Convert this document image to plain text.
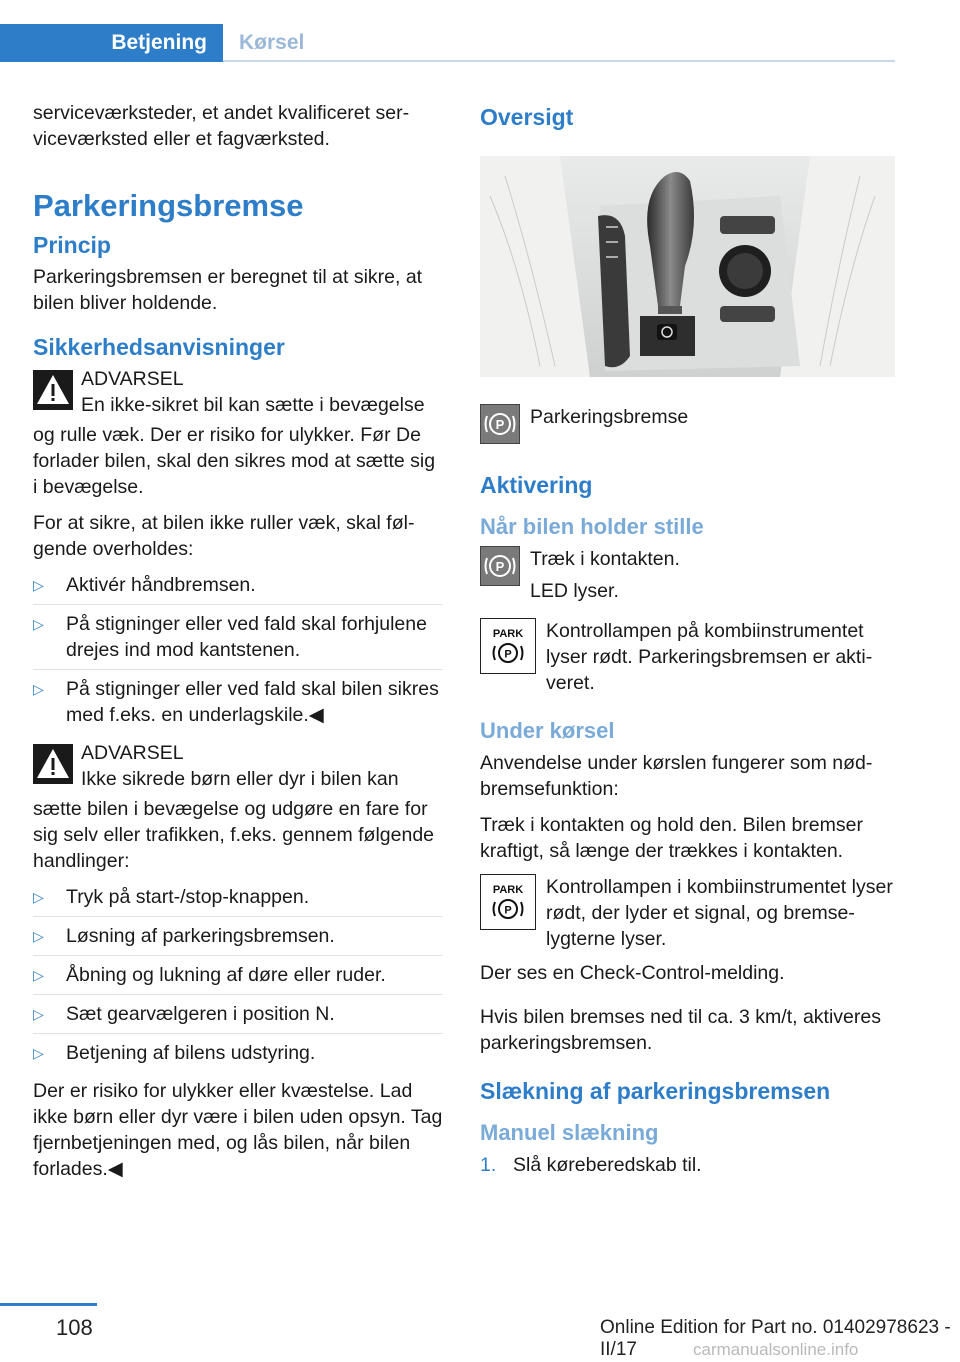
Betjening	Kørsel

serviceværksteder, et andet kvalificeret serviceværksted eller et fagværksted.

Parkeringsbremse
Princip

Parkeringsbremsen er beregnet til at sikre, at bilen bliver holdende.

Sikkerhedsanvisninger
ADVARSEL
En ikke-sikret bil kan sætte i bevægelse

og rulle væk. Der er risiko for ulykker. Før De forlader bilen, skal den sikres mod at sætte sig i bevægelse.

For at sikre, at bilen ikke ruller væk, skal følgende overholdes:

▷ Aktivér håndbremsen.
▷ På stigninger eller ved fald skal forhjulene drejes ind mod kantstenen.
▷ På stigninger eller ved fald skal bilen sikres med f.eks. en underlagskile.◀
ADVARSEL
Ikke sikrede børn eller dyr i bilen kan

sætte bilen i bevægelse og udgøre en fare for sig selv eller trafikken, f.eks. gennem følgende handlinger:

▷ Tryk på start-/stop-knappen.
▷ Løsning af parkeringsbremsen.
▷ Åbning og lukning af døre eller ruder.
▷ Sæt gearvælgeren i position N.
▷ Betjening af bilens udstyring.

Der er risiko for ulykker eller kvæstelse. Lad ikke børn eller dyr være i bilen uden opsyn. Tag fjernbetjeningen med, og lås bilen, når bilen forlades.◀

Oversigt
P Parkeringsbremse
Aktivering
Når bilen holder stille
P Træk i kontakten.
LED lyser.
PARK
P
Kontrollampen på kombiinstrumentet lyser rødt. Parkeringsbremsen er aktiveret.
Under kørsel

Anvendelse under kørslen fungerer som nødbremsefunktion:

Træk i kontakten og hold den. Bilen bremser kraftigt, så længe der trækkes i kontakten.

PARK
P
Kontrollampen i kombiinstrumentet lyser rødt, der lyder et signal, og bremselygterne lyser.

Der ses en Check-Control-melding.

Hvis bilen bremses ned til ca. 3 km/t, aktiveres parkeringsbremsen.

Slækning af parkeringsbremsen
Manuel slækning
1. Slå køreberedskab til.
108	Online Edition for Part no. 01402978623 - II/17	carmanualsonline.info
